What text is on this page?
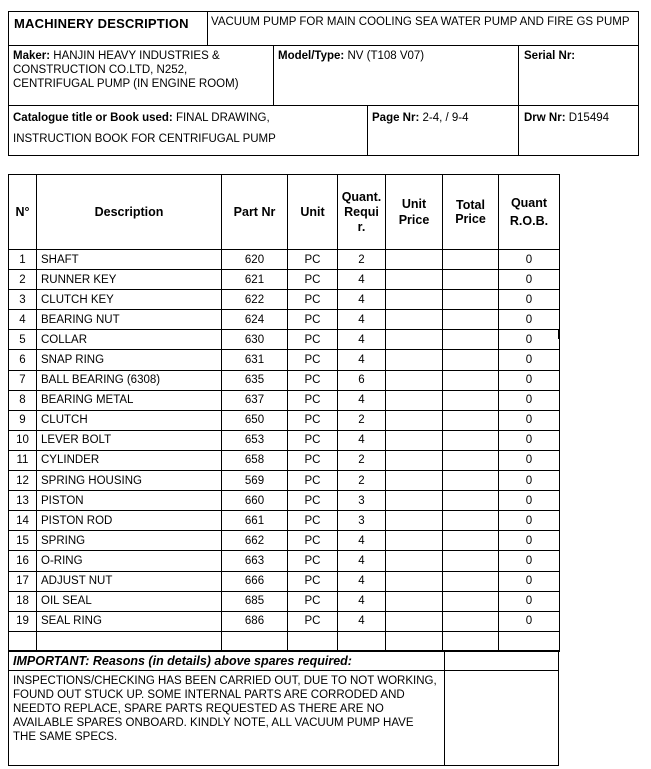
MACHINERY DESCRIPTION VACUUM PUMP FOR MAIN COOLING SEA WATER PUMP AND FIRE GS PUMP
Maker: HANJIN HEAVY INDUSTRIES & CONSTRUCTION CO.LTD, N252, CENTRIFUGAL PUMP (IN ENGINE ROOM)
Model/Type: NV (T108 V07)	Serial Nr:
Catalogue title or Book used: FINAL DRAWING,
INSTRUCTION BOOK FOR CENTRIFUGAL PUMP
Page Nr: 2-4, / 9-4	Drw Nr: D15494
N°	Description	Part Nr	Unit	Quant. Requir.	Unit Price	Total Price	Quant R.O.B.
1	SHAFT	620	PC	2			0
2	RUNNER KEY	621	PC	4			0
3	CLUTCH KEY	622	PC	4			0
4	BEARING NUT	624	PC	4			0
5	COLLAR	630	PC	4			0
6	SNAP RING	631	PC	4			0
7	BALL BEARING (6308)	635	PC	6			0
8	BEARING METAL	637	PC	4			0
9	CLUTCH	650	PC	2			0
10	LEVER BOLT	653	PC	4			0
11	CYLINDER	658	PC	2			0
12	SPRING HOUSING	569	PC	2			0
13	PISTON	660	PC	3			0
14	PISTON ROD	661	PC	3			0
15	SPRING	662	PC	4			0
16	O-RING	663	PC	4			0
17	ADJUST NUT	666	PC	4			0
18	OIL SEAL	685	PC	4			0
19	SEAL RING	686	PC	4			0

IMPORTANT: Reasons (in details) above spares required:
INSPECTIONS/CHECKING HAS BEEN CARRIED OUT, DUE TO NOT WORKING, FOUND OUT STUCK UP. SOME INTERNAL PARTS ARE CORRODED AND NEEDTO REPLACE, SPARE PARTS REQUESTED AS THERE ARE NO AVAILABLE SPARES ONBOARD. KINDLY NOTE, ALL VACUUM PUMP HAVE THE SAME SPECS.
